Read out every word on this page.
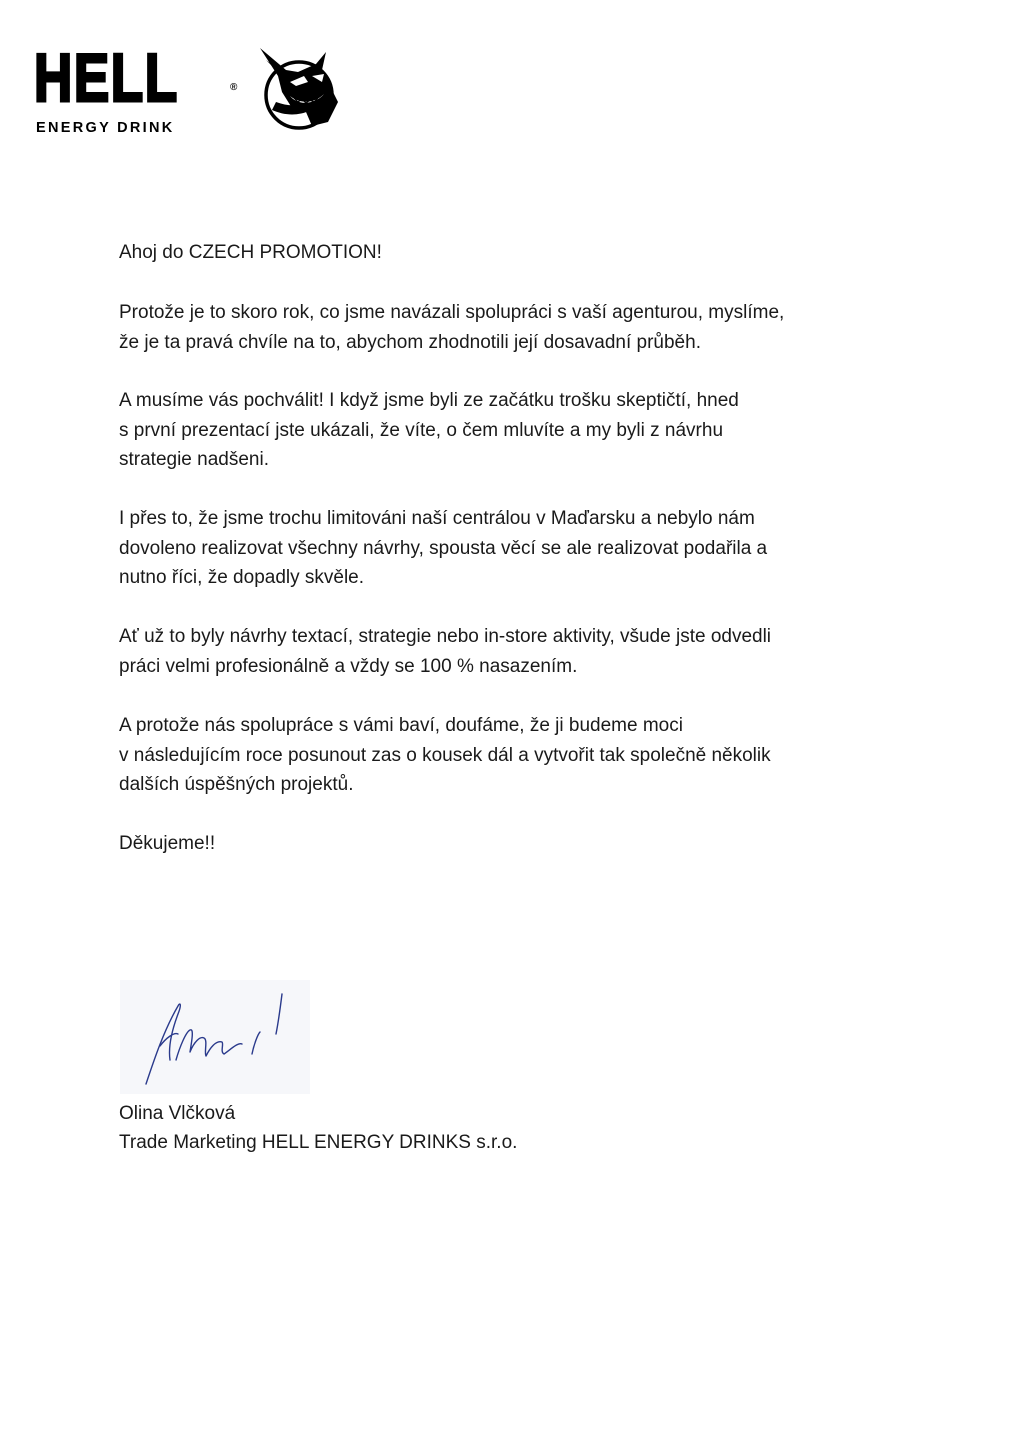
HELL	®
ENERGY DRINK

Ahoj do CZECH PROMOTION!

Protože je to skoro rok, co jsme navázali spolupráci s vaší agenturou, myslíme,
že je ta pravá chvíle na to, abychom zhodnotili její dosavadní průběh.

A musíme vás pochválit! I když jsme byli ze začátku trošku skeptičtí, hned
s první prezentací jste ukázali, že víte, o čem mluvíte a my byli z návrhu
strategie nadšeni.

I přes to, že jsme trochu limitováni naší centrálou v Maďarsku a nebylo nám
dovoleno realizovat všechny návrhy, spousta věcí se ale realizovat podařila a
nutno říci, že dopadly skvěle.

Ať už to byly návrhy textací, strategie nebo in-store aktivity, všude jste odvedli
práci velmi profesionálně a vždy se 100 % nasazením.

A protože nás spolupráce s vámi baví, doufáme, že ji budeme moci
v následujícím roce posunout zas o kousek dál a vytvořit tak společně několik
dalších úspěšných projektů.

Děkujeme!!

Olina Vlčková

Trade Marketing HELL ENERGY DRINKS s.r.o.
